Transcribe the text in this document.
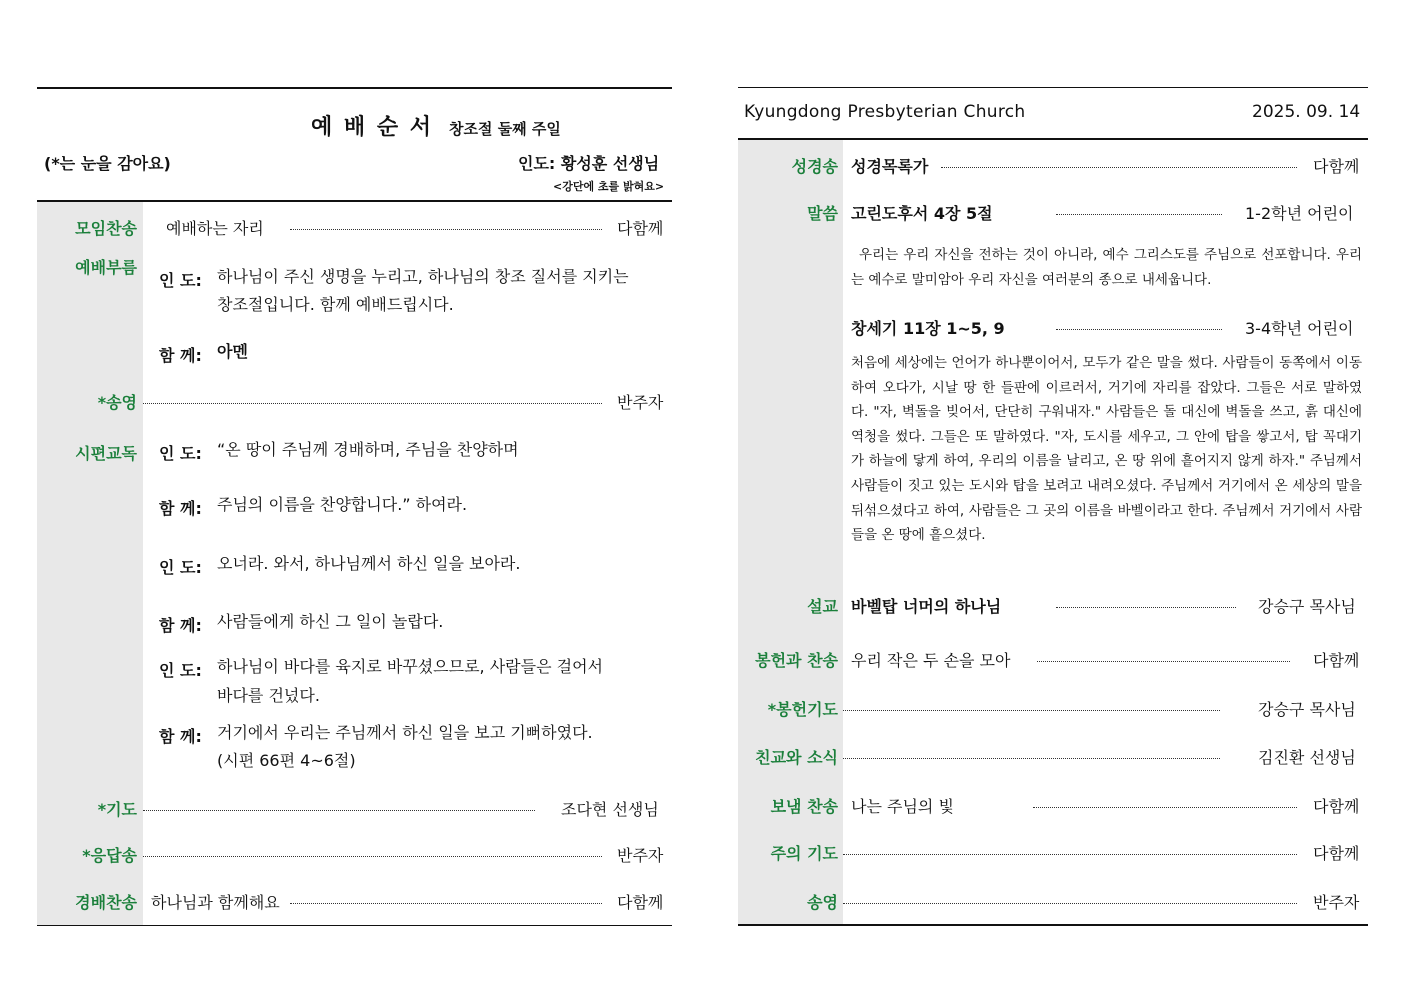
예 배 순 서 창조절 둘째 주일
(*는 눈을 감아요)	인도: 황성훈 선생님
<강단에 초를 밝혀요>
모임찬송 예배하는 자리	다함께
예배부름
인 도: 하나님이 주신 생명을 누리고, 하나님의 창조 질서를 지키는
창조절입니다. 함께 예배드립시다.
함 께: 아멘
*송영	반주자
시편교독 인 도: “온 땅이 주님께 경배하며, 주님을 찬양하며
함 께: 주님의 이름을 찬양합니다.” 하여라.
인 도: 오너라. 와서, 하나님께서 하신 일을 보아라.
함 께: 사람들에게 하신 그 일이 놀랍다.
인 도: 하나님이 바다를 육지로 바꾸셨으므로, 사람들은 걸어서
바다를 건넜다.
함 께: 거기에서 우리는 주님께서 하신 일을 보고 기뻐하였다.
(시편 66편 4~6절)
*기도	조다현 선생님
*응답송	반주자
경배찬송 하나님과 함께해요	다함께
Kyungdong Presbyterian Church	2025. 09. 14
성경송 성경목록가	다함께
말씀 고린도후서 4장 5절	1-2학년 어린이
우리는 우리 자신을 전하는 것이 아니라, 예수 그리스도를 주님으로 선포합니다. 우리는 예수로 말미암아 우리 자신을 여러분의 종으로 내세웁니다.
창세기 11장 1~5, 9	3-4학년 어린이
처음에 세상에는 언어가 하나뿐이어서, 모두가 같은 말을 썼다. 사람들이 동쪽에서 이동하여 오다가, 시날 땅 한 들판에 이르러서, 거기에 자리를 잡았다. 그들은 서로 말하였다. "자, 벽돌을 빚어서, 단단히 구워내자." 사람들은 돌 대신에 벽돌을 쓰고, 흙 대신에 역청을 썼다. 그들은 또 말하였다. "자, 도시를 세우고, 그 안에 탑을 쌓고서, 탑 꼭대기가 하늘에 닿게 하여, 우리의 이름을 날리고, 온 땅 위에 흩어지지 않게 하자." 주님께서 사람들이 짓고 있는 도시와 탑을 보려고 내려오셨다. 주님께서 거기에서 온 세상의 말을 뒤섞으셨다고 하여, 사람들은 그 곳의 이름을 바벨이라고 한다. 주님께서 거기에서 사람들을 온 땅에 흩으셨다.
설교 바벨탑 너머의 하나님	강승구 목사님
봉헌과 찬송 우리 작은 두 손을 모아	다함께
*봉헌기도	강승구 목사님
친교와 소식	김진환 선생님
보냄 찬송 나는 주님의 빛	다함께
주의 기도	다함께
송영	반주자
